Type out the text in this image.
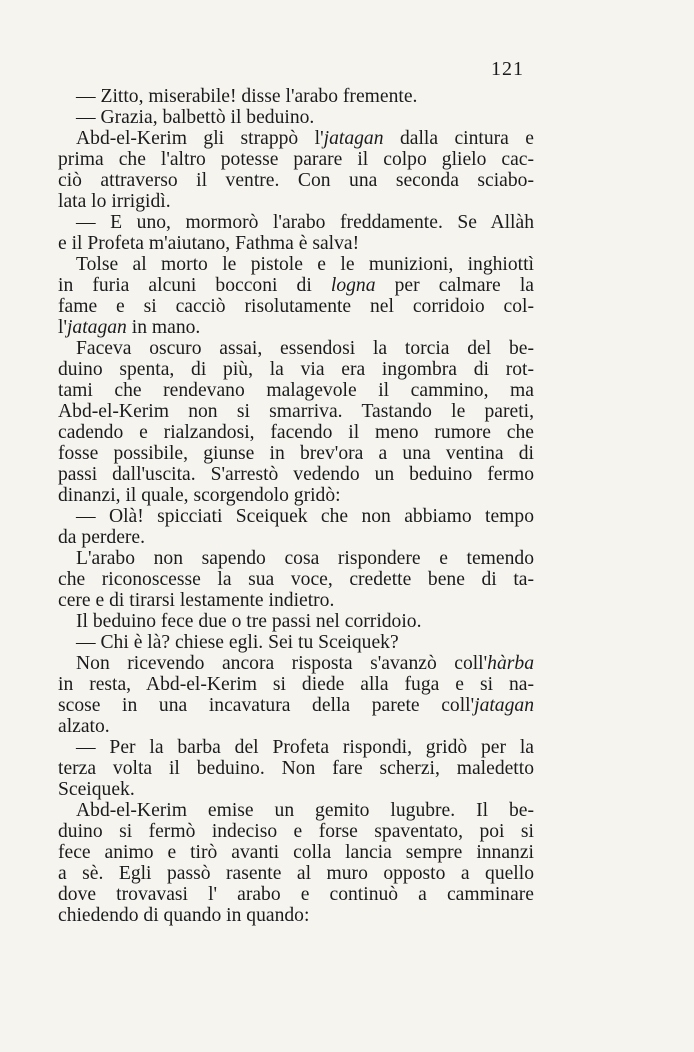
121
— Zitto, miserabile! disse l'arabo fremente.
— Grazia, balbettò il beduino.
Abd-el-Kerim gli strappò l'jatagan dalla cintura e
prima che l'altro potesse parare il colpo glielo cac-
ciò attraverso il ventre. Con una seconda sciabo-
lata lo irrigidì.
— E uno, mormorò l'arabo freddamente. Se Allàh
e il Profeta m'aiutano, Fathma è salva!
Tolse al morto le pistole e le munizioni, inghiottì
in furia alcuni bocconi di logna per calmare la
fame e si cacciò risolutamente nel corridoio col-
l'jatagan in mano.
Faceva oscuro assai, essendosi la torcia del be-
duino spenta, di più, la via era ingombra di rot-
tami che rendevano malagevole il cammino, ma
Abd-el-Kerim non si smarriva. Tastando le pareti,
cadendo e rialzandosi, facendo il meno rumore che
fosse possibile, giunse in brev'ora a una ventina di
passi dall'uscita. S'arrestò vedendo un beduino fermo
dinanzi, il quale, scorgendolo gridò:
— Olà! spicciati Sceiquek che non abbiamo tempo
da perdere.
L'arabo non sapendo cosa rispondere e temendo
che riconoscesse la sua voce, credette bene di ta-
cere e di tirarsi lestamente indietro.
Il beduino fece due o tre passi nel corridoio.
— Chi è là? chiese egli. Sei tu Sceiquek?
Non ricevendo ancora risposta s'avanzò coll'hàrba
in resta, Abd-el-Kerim si diede alla fuga e si na-
scose in una incavatura della parete coll'jatagan
alzato.
— Per la barba del Profeta rispondi, gridò per la
terza volta il beduino. Non fare scherzi, maledetto
Sceiquek.
Abd-el-Kerim emise un gemito lugubre. Il be-
duino si fermò indeciso e forse spaventato, poi si
fece animo e tirò avanti colla lancia sempre innanzi
a sè. Egli passò rasente al muro opposto a quello
dove trovavasi l' arabo e continuò a camminare
chiedendo di quando in quando:
